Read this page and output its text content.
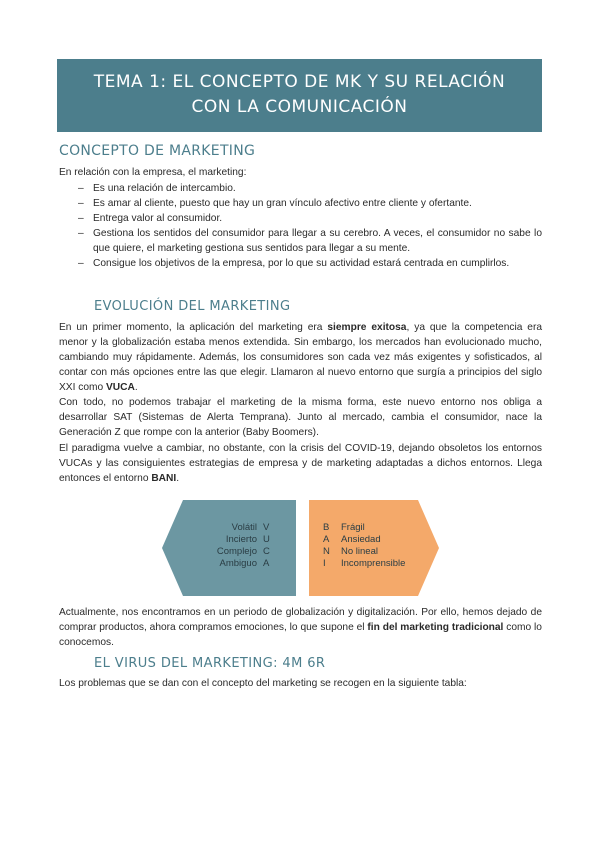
TEMA 1: EL CONCEPTO DE MK Y SU RELACIÓN
CON LA COMUNICACIÓN
CONCEPTO DE MARKETING
En relación con la empresa, el marketing:
– Es una relación de intercambio.
– Es amar al cliente, puesto que hay un gran vínculo afectivo entre cliente y ofertante.
– Entrega valor al consumidor.
– Gestiona los sentidos del consumidor para llegar a su cerebro. A veces, el consumidor no sabe lo que quiere, el marketing gestiona sus sentidos para llegar a su mente.
– Consigue los objetivos de la empresa, por lo que su actividad estará centrada en cumplirlos.
EVOLUCIÓN DEL MARKETING
En un primer momento, la aplicación del marketing era siempre exitosa, ya que la competencia era menor y la globalización estaba menos extendida. Sin embargo, los mercados han evolucionado mucho, cambiando muy rápidamente. Además, los consumidores son cada vez más exigentes y sofisticados, al contar con más opciones entre las que elegir. Llamaron al nuevo entorno que surgía a principios del siglo XXI como VUCA.
Con todo, no podemos trabajar el marketing de la misma forma, este nuevo entorno nos obliga a desarrollar SAT (Sistemas de Alerta Temprana). Junto al mercado, cambia el consumidor, nace la Generación Z que rompe con la anterior (Baby Boomers).
El paradigma vuelve a cambiar, no obstante, con la crisis del COVID-19, dejando obsoletos los entornos VUCAs y las consiguientes estrategias de empresa y de marketing adaptadas a dichos entornos. Llega entonces el entorno BANI.
Volátil
Incierto
Complejo
Ambiguo
V
U
C
A
B
A
N
I
Frágil
Ansiedad
No lineal
Incomprensible
Actualmente, nos encontramos en un periodo de globalización y digitalización. Por ello, hemos dejado de comprar productos, ahora compramos emociones, lo que supone el fin del marketing tradicional como lo conocemos.
EL VIRUS DEL MARKETING: 4M 6R
Los problemas que se dan con el concepto del marketing se recogen en la siguiente tabla:
